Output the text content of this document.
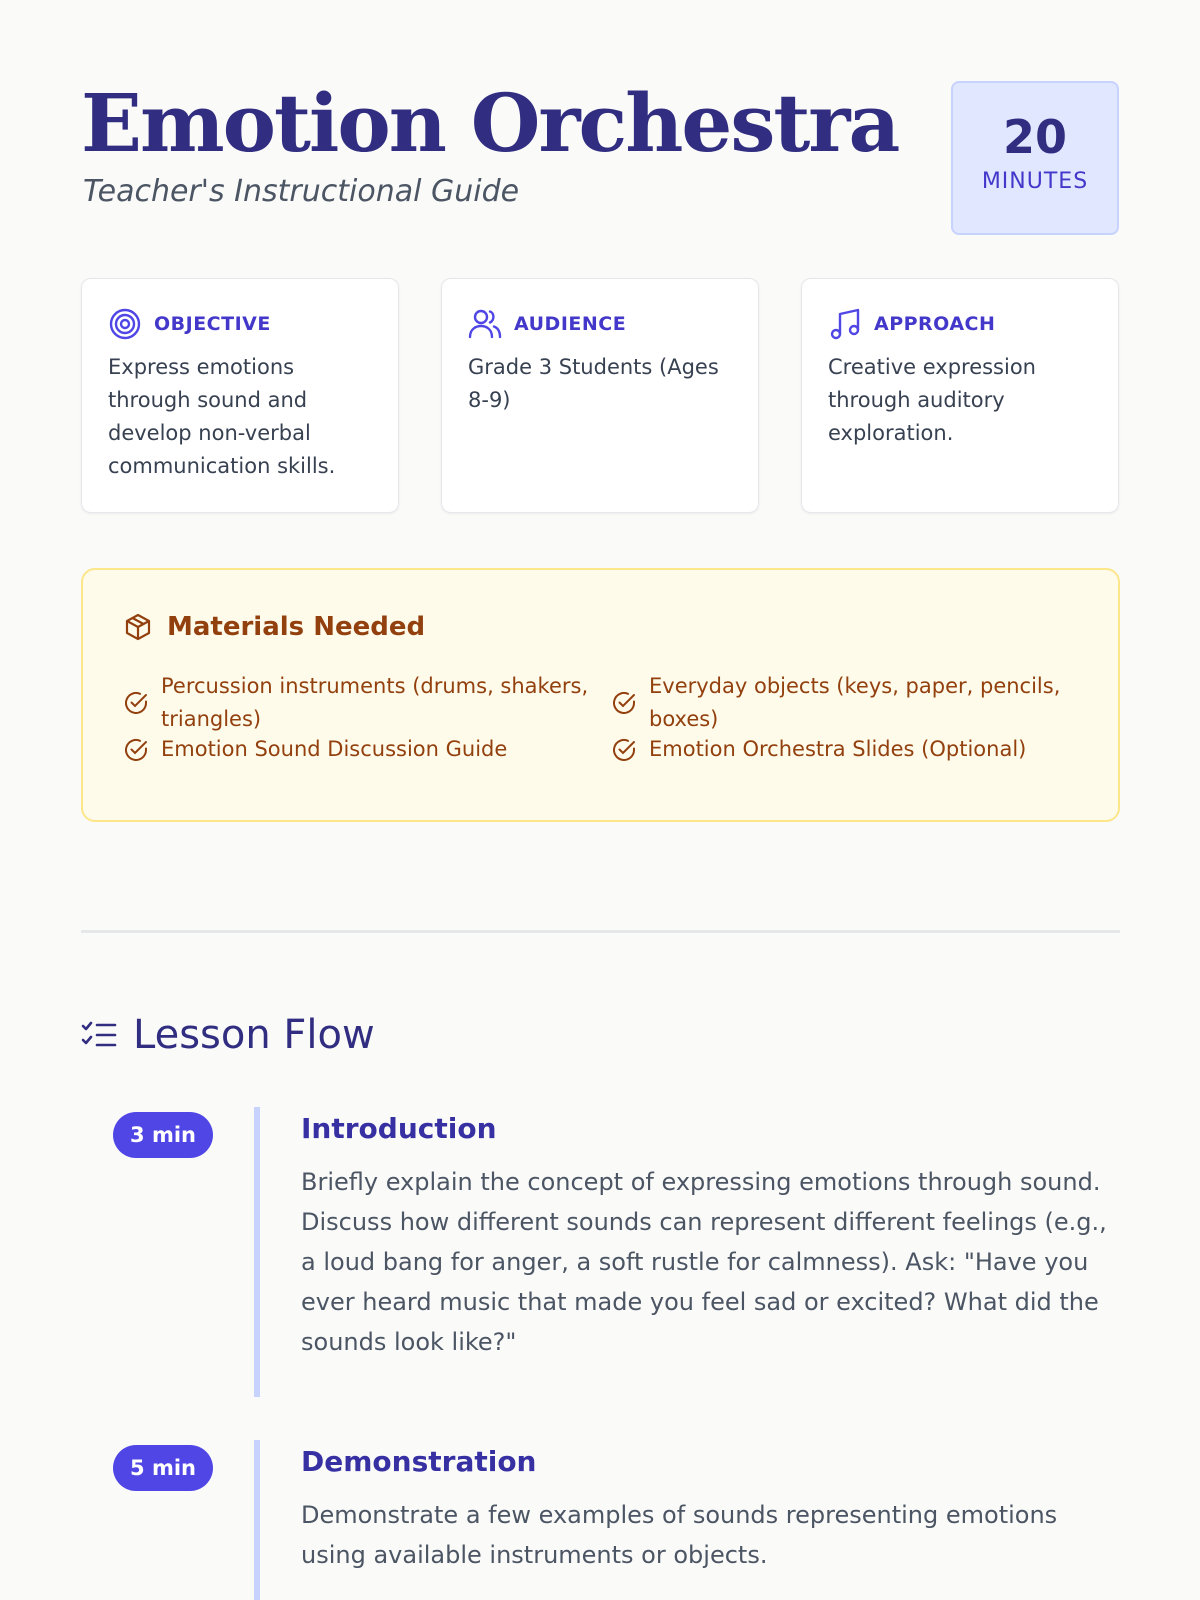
Emotion Orchestra

Teacher's Instructional Guide

20
MINUTES
OBJECTIVE

Express emotions through sound and develop non-verbal communication skills.

AUDIENCE

Grade 3 Students (Ages 8-9)

APPROACH

Creative expression through auditory exploration.

Materials Needed
Percussion instruments (drums, shakers, triangles)
Everyday objects (keys, paper, pencils, boxes)
Emotion Sound Discussion Guide	Emotion Orchestra Slides (Optional)
Lesson Flow
3 min	Introduction

Briefly explain the concept of expressing emotions through sound. Discuss how different sounds can represent different feelings (e.g., a loud bang for anger, a soft rustle for calmness). Ask: "Have you ever heard music that made you feel sad or excited? What did the sounds look like?"

5 min	Demonstration

Demonstrate a few examples of sounds representing emotions using available instruments or objects.
